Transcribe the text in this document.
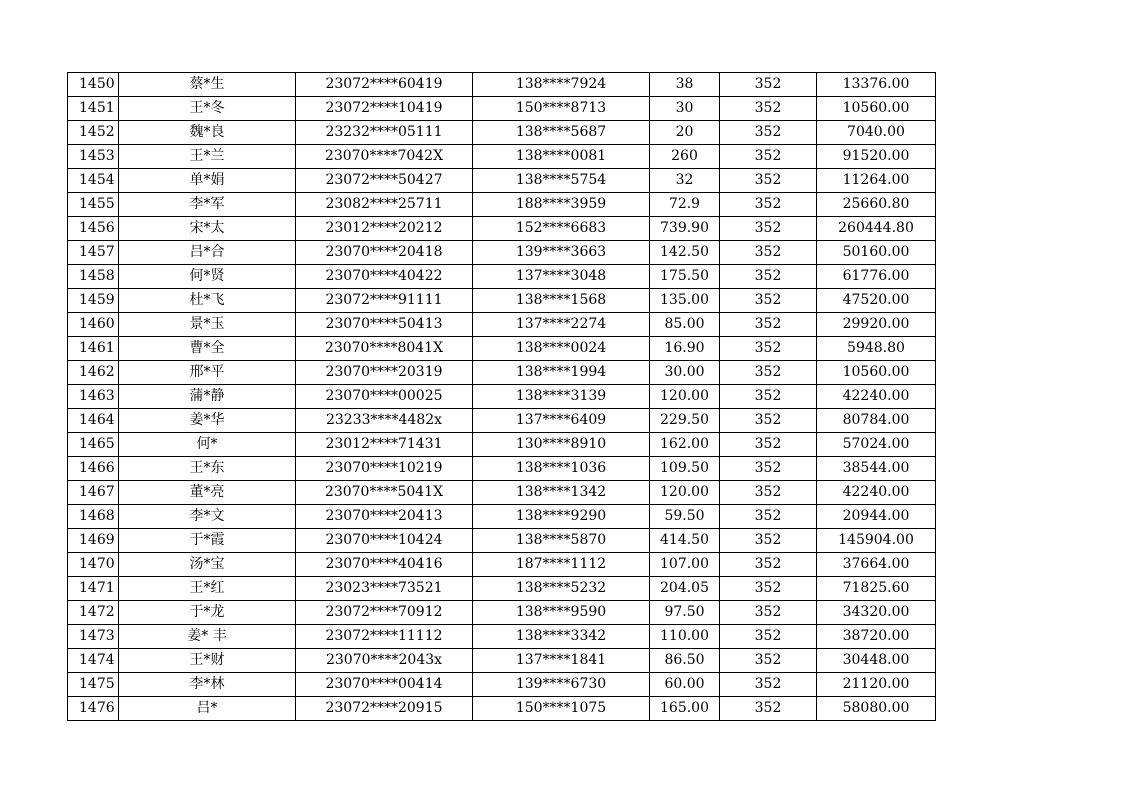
1450	蔡*生	23072****60419	138****7924	38	352	13376.00
1451	王*冬	23072****10419	150****8713	30	352	10560.00
1452	魏*良	23232****05111	138****5687	20	352	7040.00
1453	王*兰	23070****7042X	138****0081	260	352	91520.00
1454	单*娟	23072****50427	138****5754	32	352	11264.00
1455	李*军	23082****25711	188****3959	72.9	352	25660.80
1456	宋*太	23012****20212	152****6683	739.90	352	260444.80
1457	吕*合	23070****20418	139****3663	142.50	352	50160.00
1458	何*贤	23070****40422	137****3048	175.50	352	61776.00
1459	杜*飞	23072****91111	138****1568	135.00	352	47520.00
1460	景*玉	23070****50413	137****2274	85.00	352	29920.00
1461	曹*全	23070****8041X	138****0024	16.90	352	5948.80
1462	邢*平	23070****20319	138****1994	30.00	352	10560.00
1463	蒲*静	23070****00025	138****3139	120.00	352	42240.00
1464	姜*华	23233****4482x	137****6409	229.50	352	80784.00
1465	何*	23012****71431	130****8910	162.00	352	57024.00
1466	王*东	23070****10219	138****1036	109.50	352	38544.00
1467	董*亮	23070****5041X	138****1342	120.00	352	42240.00
1468	李*文	23070****20413	138****9290	59.50	352	20944.00
1469	于*霞	23070****10424	138****5870	414.50	352	145904.00
1470	汤*宝	23070****40416	187****1112	107.00	352	37664.00
1471	王*红	23023****73521	138****5232	204.05	352	71825.60
1472	于*龙	23072****70912	138****9590	97.50	352	34320.00
1473	姜* 丰	23072****11112	138****3342	110.00	352	38720.00
1474	王*财	23070****2043x	137****1841	86.50	352	30448.00
1475	李*林	23070****00414	139****6730	60.00	352	21120.00
1476	吕*	23072****20915	150****1075	165.00	352	58080.00
